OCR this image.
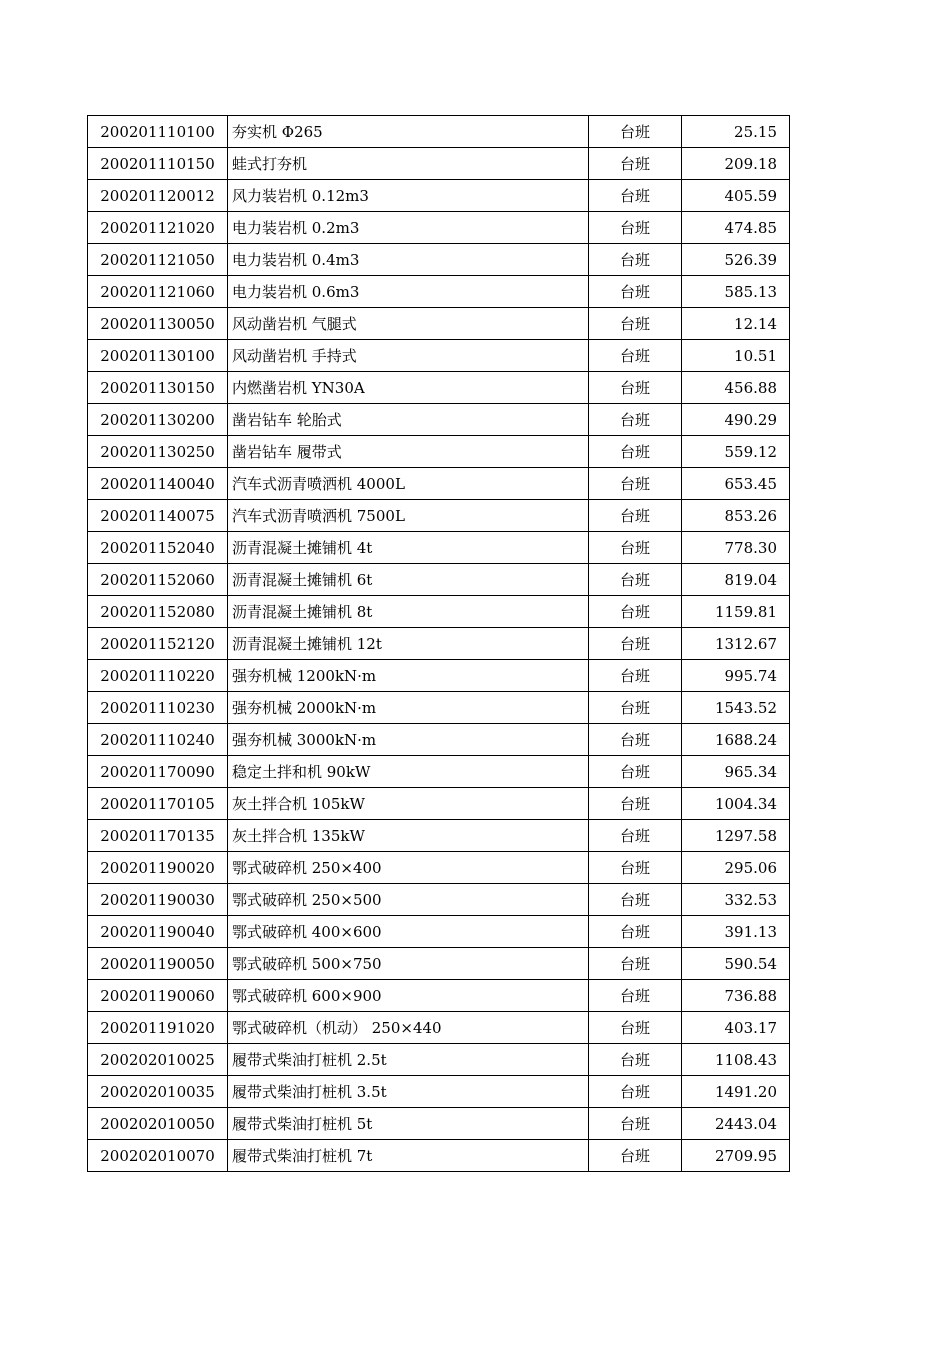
200201110100	夯实机 Φ265	台班	25.15
200201110150	蛙式打夯机	台班	209.18
200201120012	风力装岩机 0.12m3	台班	405.59
200201121020	电力装岩机 0.2m3	台班	474.85
200201121050	电力装岩机 0.4m3	台班	526.39
200201121060	电力装岩机 0.6m3	台班	585.13
200201130050	风动凿岩机 气腿式	台班	12.14
200201130100	风动凿岩机 手持式	台班	10.51
200201130150	内燃凿岩机 YN30A	台班	456.88
200201130200	凿岩钻车 轮胎式	台班	490.29
200201130250	凿岩钻车 履带式	台班	559.12
200201140040	汽车式沥青喷洒机 4000L	台班	653.45
200201140075	汽车式沥青喷洒机 7500L	台班	853.26
200201152040	沥青混凝土摊铺机 4t	台班	778.30
200201152060	沥青混凝土摊铺机 6t	台班	819.04
200201152080	沥青混凝土摊铺机 8t	台班	1159.81
200201152120	沥青混凝土摊铺机 12t	台班	1312.67
200201110220	强夯机械 1200kN·m	台班	995.74
200201110230	强夯机械 2000kN·m	台班	1543.52
200201110240	强夯机械 3000kN·m	台班	1688.24
200201170090	稳定土拌和机 90kW	台班	965.34
200201170105	灰土拌合机 105kW	台班	1004.34
200201170135	灰土拌合机 135kW	台班	1297.58
200201190020	鄂式破碎机 250×400	台班	295.06
200201190030	鄂式破碎机 250×500	台班	332.53
200201190040	鄂式破碎机 400×600	台班	391.13
200201190050	鄂式破碎机 500×750	台班	590.54
200201190060	鄂式破碎机 600×900	台班	736.88
200201191020	鄂式破碎机（机动） 250×440	台班	403.17
200202010025	履带式柴油打桩机 2.5t	台班	1108.43
200202010035	履带式柴油打桩机 3.5t	台班	1491.20
200202010050	履带式柴油打桩机 5t	台班	2443.04
200202010070	履带式柴油打桩机 7t	台班	2709.95
